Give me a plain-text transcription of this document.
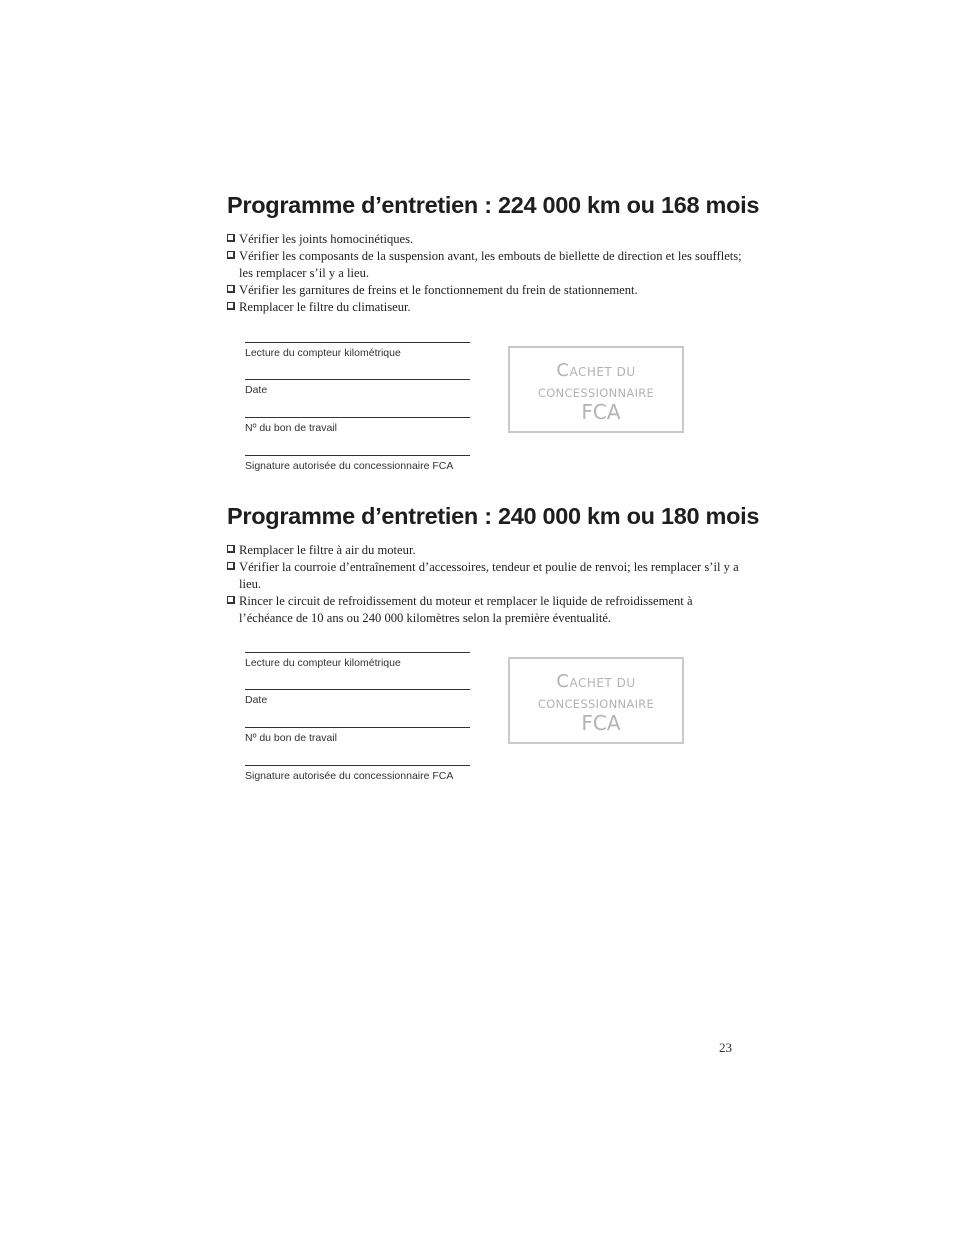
Programme d’entretien : 224 000 km ou 168 mois
Vérifier les joints homocinétiques.
Vérifier les composants de la suspension avant, les embouts de biellette de direction et les soufflets; les remplacer s’il y a lieu.
Vérifier les garnitures de freins et le fonctionnement du frein de stationnement.
Remplacer le filtre du climatiseur.
Lecture du compteur kilométrique
Date
Nº du bon de travail
Signature autorisée du concessionnaire FCA
CACHET DU
CONCESSIONNAIRE
FCA
Programme d’entretien : 240 000 km ou 180 mois
Remplacer le filtre à air du moteur.
Vérifier la courroie d’entraînement d’accessoires, tendeur et poulie de renvoi; les remplacer s’il y a lieu.
Rincer le circuit de refroidissement du moteur et remplacer le liquide de refroidissement à l’échéance de 10 ans ou 240 000 kilomètres selon la première éventualité.
Lecture du compteur kilométrique
Date
Nº du bon de travail
Signature autorisée du concessionnaire FCA
CACHET DU
CONCESSIONNAIRE
FCA
23
